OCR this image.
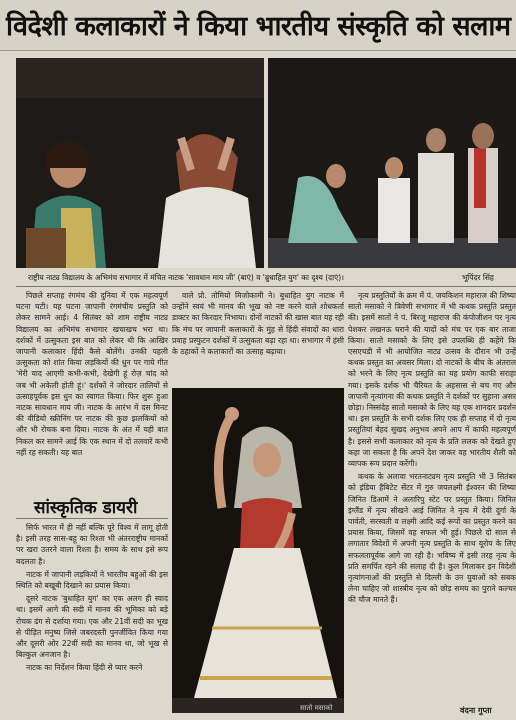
विदेशी कलाकारों ने किया भारतीय संस्कृति को सलाम
राष्ट्रीय नाट्य विद्यालय के अभिमंच सभागार में मंचित नाटक 'सावधान माय जी' (बाएं) व 'ब्रुधाहित युग' का दृश्य (दाएं)।	भूपिंदर सिंह

पिछले सप्ताह रंगमंच की दुनिया में एक महत्वपूर्ण घटना घटी। यह घटना जापानी रंगमंचीय प्रस्तुति को लेकर सामने आई। 4 सितंबर को शाम राष्ट्रीय नाट्य विद्यालय का अभिमंच सभागार खचाखच भरा था। दर्शकों में उत्सुकता इस बात को लेकर थी कि आखिर जापानी कलाकार हिंदी कैसे बोलेंगे। उनकी पहली उत्सुकता को शांत किया लड़कियों की धुन पर गाये गीत 'मेरी याद आएगी कभी-कभी, देखेगी हूं रोज़ चांद को जब भी अकेली होती हूं।' दर्शकों ने जोरदार तालियों से उत्साहपूर्वक इस धुन का स्वागत किया। फिर शुरू हुआ नाटक सावधान माय जी। नाटक के आरंभ में दस मिनट की वीडियो स्क्रीनिंग पर नाटक की कुछ झलकियों को और भी रोचक बना दिया। नाटक के अंत में यही बात निकल कर सामने आई कि एक स्थान में दो तलवारें कभी नहीं रह सकती। यह बात

सांस्कृतिक डायरी

सिर्फ भारत में ही नहीं बल्कि पूरे विश्व में लागू होती है। इसी तरह सास-बहू का रिश्ता भी अंतरराष्ट्रीय मानकों पर खरा उतरने वाला रिश्ता है। समय के साथ इसे रूप बदलता है।

नाटक में जापानी लड़कियों ने भारतीय बहुओं की इस स्थिति को बखूबी दिखाने का प्रयास किया।

दूसरे नाटक 'बुधाहित युग' का एक अलग ही स्वाद था। इसमें आगे की सदी में मानव की भूमिका को बड़े रोचक ढंग से दर्शाया गया। एक और 21वीं सदी का भूख से पीड़ित मनुष्य जिसे जबरदस्ती पुनर्जीवित किया गया और दूसरी ओर 22वीं सदी का मानव था, जो भूख से बिल्कुल अनजान है।

नाटक का निर्देशन किया हिंदी से प्यार करने

वाले प्रो. तोमियो मिजोकामी ने। बुधाहित युग नाटक में उन्होंने स्वयं भी मानव की भूख को नष्ट करने वाले शोधकर्ता डाक्टर का किरदार निभाया। दोनों नाटकों की खास बात यह रही कि मंच पर जापानी कलाकारों के मुंह से हिंदी संवादों का धारा प्रवाह प्रस्फुटन दर्शकों में उत्सुकता बढ़ा रहा था। सभागार में हंसी के ठहाकों ने कलाकारों का उत्साह बढ़ाया।

सातो मसाको

नृत्य प्रस्तुतियों के क्रम में पं. जयकिशन महाराज की शिष्या सातो मसाको ने त्रिवेणी सभागार में भी कथक प्रस्तुति प्रस्तुत की। इसमें सातों ने पं. बिरजू महाराज की कंपोजीशन पर नृत्य पेशकर लखनऊ घराने की यादों को मंच पर एक बार ताजा किया। सातो मसाको के लिए इसे उपलब्धि ही कहेंगे कि एसएचडी में भी आयोजित नाट्य उत्सव के दौरान भी उन्हें कथक प्रस्तुत का अवसर मिला। दो नाटकों के बीच के अंतराल को भरने के लिए नृत्य प्रस्तुति का यह प्रयोग काफी सराहा गया। इसके दर्शक भी चैरियत के अहसास से बच गए और जापानी नृत्यांगना की कथक प्रस्तुति ने दर्शकों पर सुहाना असर छोड़ा। निस्संदेह सातो मसाको के लिए यह एक शानदार प्रदर्शन था। इस प्रस्तुति के सभी दर्शक लिए एक ही सप्ताह में दो नृत्य प्रस्तुतियां बेहद सुखद अनुभव अपने आप में काफी महत्वपूर्ण है। इससे सभी कलाकार को नृत्य के प्रति ललक को देखते हुए कहा जा सकता है कि अपने देश जाकर वह भारतीय शैली को व्यापक रूप प्रदान करेंगी।

कथक के अलावा भरतनाट्यम नृत्य प्रस्तुति भी 3 सितंबर को इंडिया हैबिटेट सेंटर में गुरु जयलक्ष्मी ईश्वरन की शिष्या जिनित डिआमें ने अलारिपु स्टेट पर प्रस्तुत किया। जिनित इंग्लैंड में नृत्य सीखने आई जिनित ने नृत्य में देवी दुर्गा के पार्वती, सरस्वती व लक्ष्मी आदि कई रूपों का प्रस्तुत करने का प्रयास किया, जिसमें वह सफल भी हुई। पिछले दो साल से लगातार विदेशों में अपनी नृत्य प्रस्तुति के साथ यूरोप के लिए सफलतापूर्वक आगे जा रही है। भविष्य में इसी तरह नृत्य के प्रति समर्पित रहने की सलाह दी है। कुल मिलाकर इन विदेशी नृत्यांगनाओं की प्रस्तुति से दिल्ली के उन युवाओं को सबक लेना चाहिए जो शास्त्रीय नृत्य को छोड़ समय का पुराने कल्चर की चौज मानते हैं।

वंदना गुप्ता
